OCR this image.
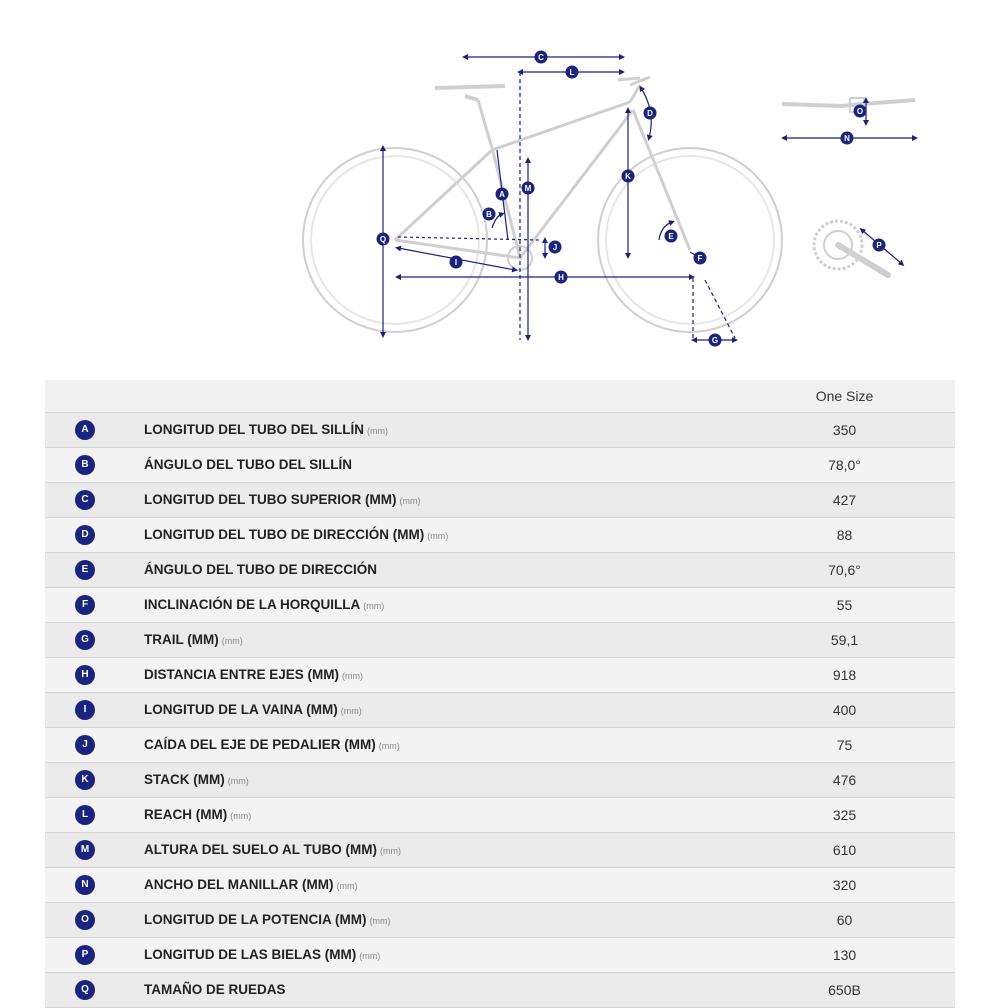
C
L
D
M
K
A
B
Q
J
I
H
E
F
G
O
N
P
One Size
A	LONGITUD DEL TUBO DEL SILLÍN (mm)	350
B	ÁNGULO DEL TUBO DEL SILLÍN	78,0°
C	LONGITUD DEL TUBO SUPERIOR (MM) (mm)	427
D	LONGITUD DEL TUBO DE DIRECCIÓN (MM) (mm)	88
E	ÁNGULO DEL TUBO DE DIRECCIÓN	70,6°
F	INCLINACIÓN DE LA HORQUILLA (mm)	55
G	TRAIL (MM) (mm)	59,1
H	DISTANCIA ENTRE EJES (MM) (mm)	918
I	LONGITUD DE LA VAINA (MM) (mm)	400
J	CAÍDA DEL EJE DE PEDALIER (MM) (mm)	75
K	STACK (MM) (mm)	476
L	REACH (MM) (mm)	325
M	ALTURA DEL SUELO AL TUBO (MM) (mm)	610
N	ANCHO DEL MANILLAR (MM) (mm)	320
O	LONGITUD DE LA POTENCIA (MM) (mm)	60
P	LONGITUD DE LAS BIELAS (MM) (mm)	130
Q	TAMAÑO DE RUEDAS	650B
